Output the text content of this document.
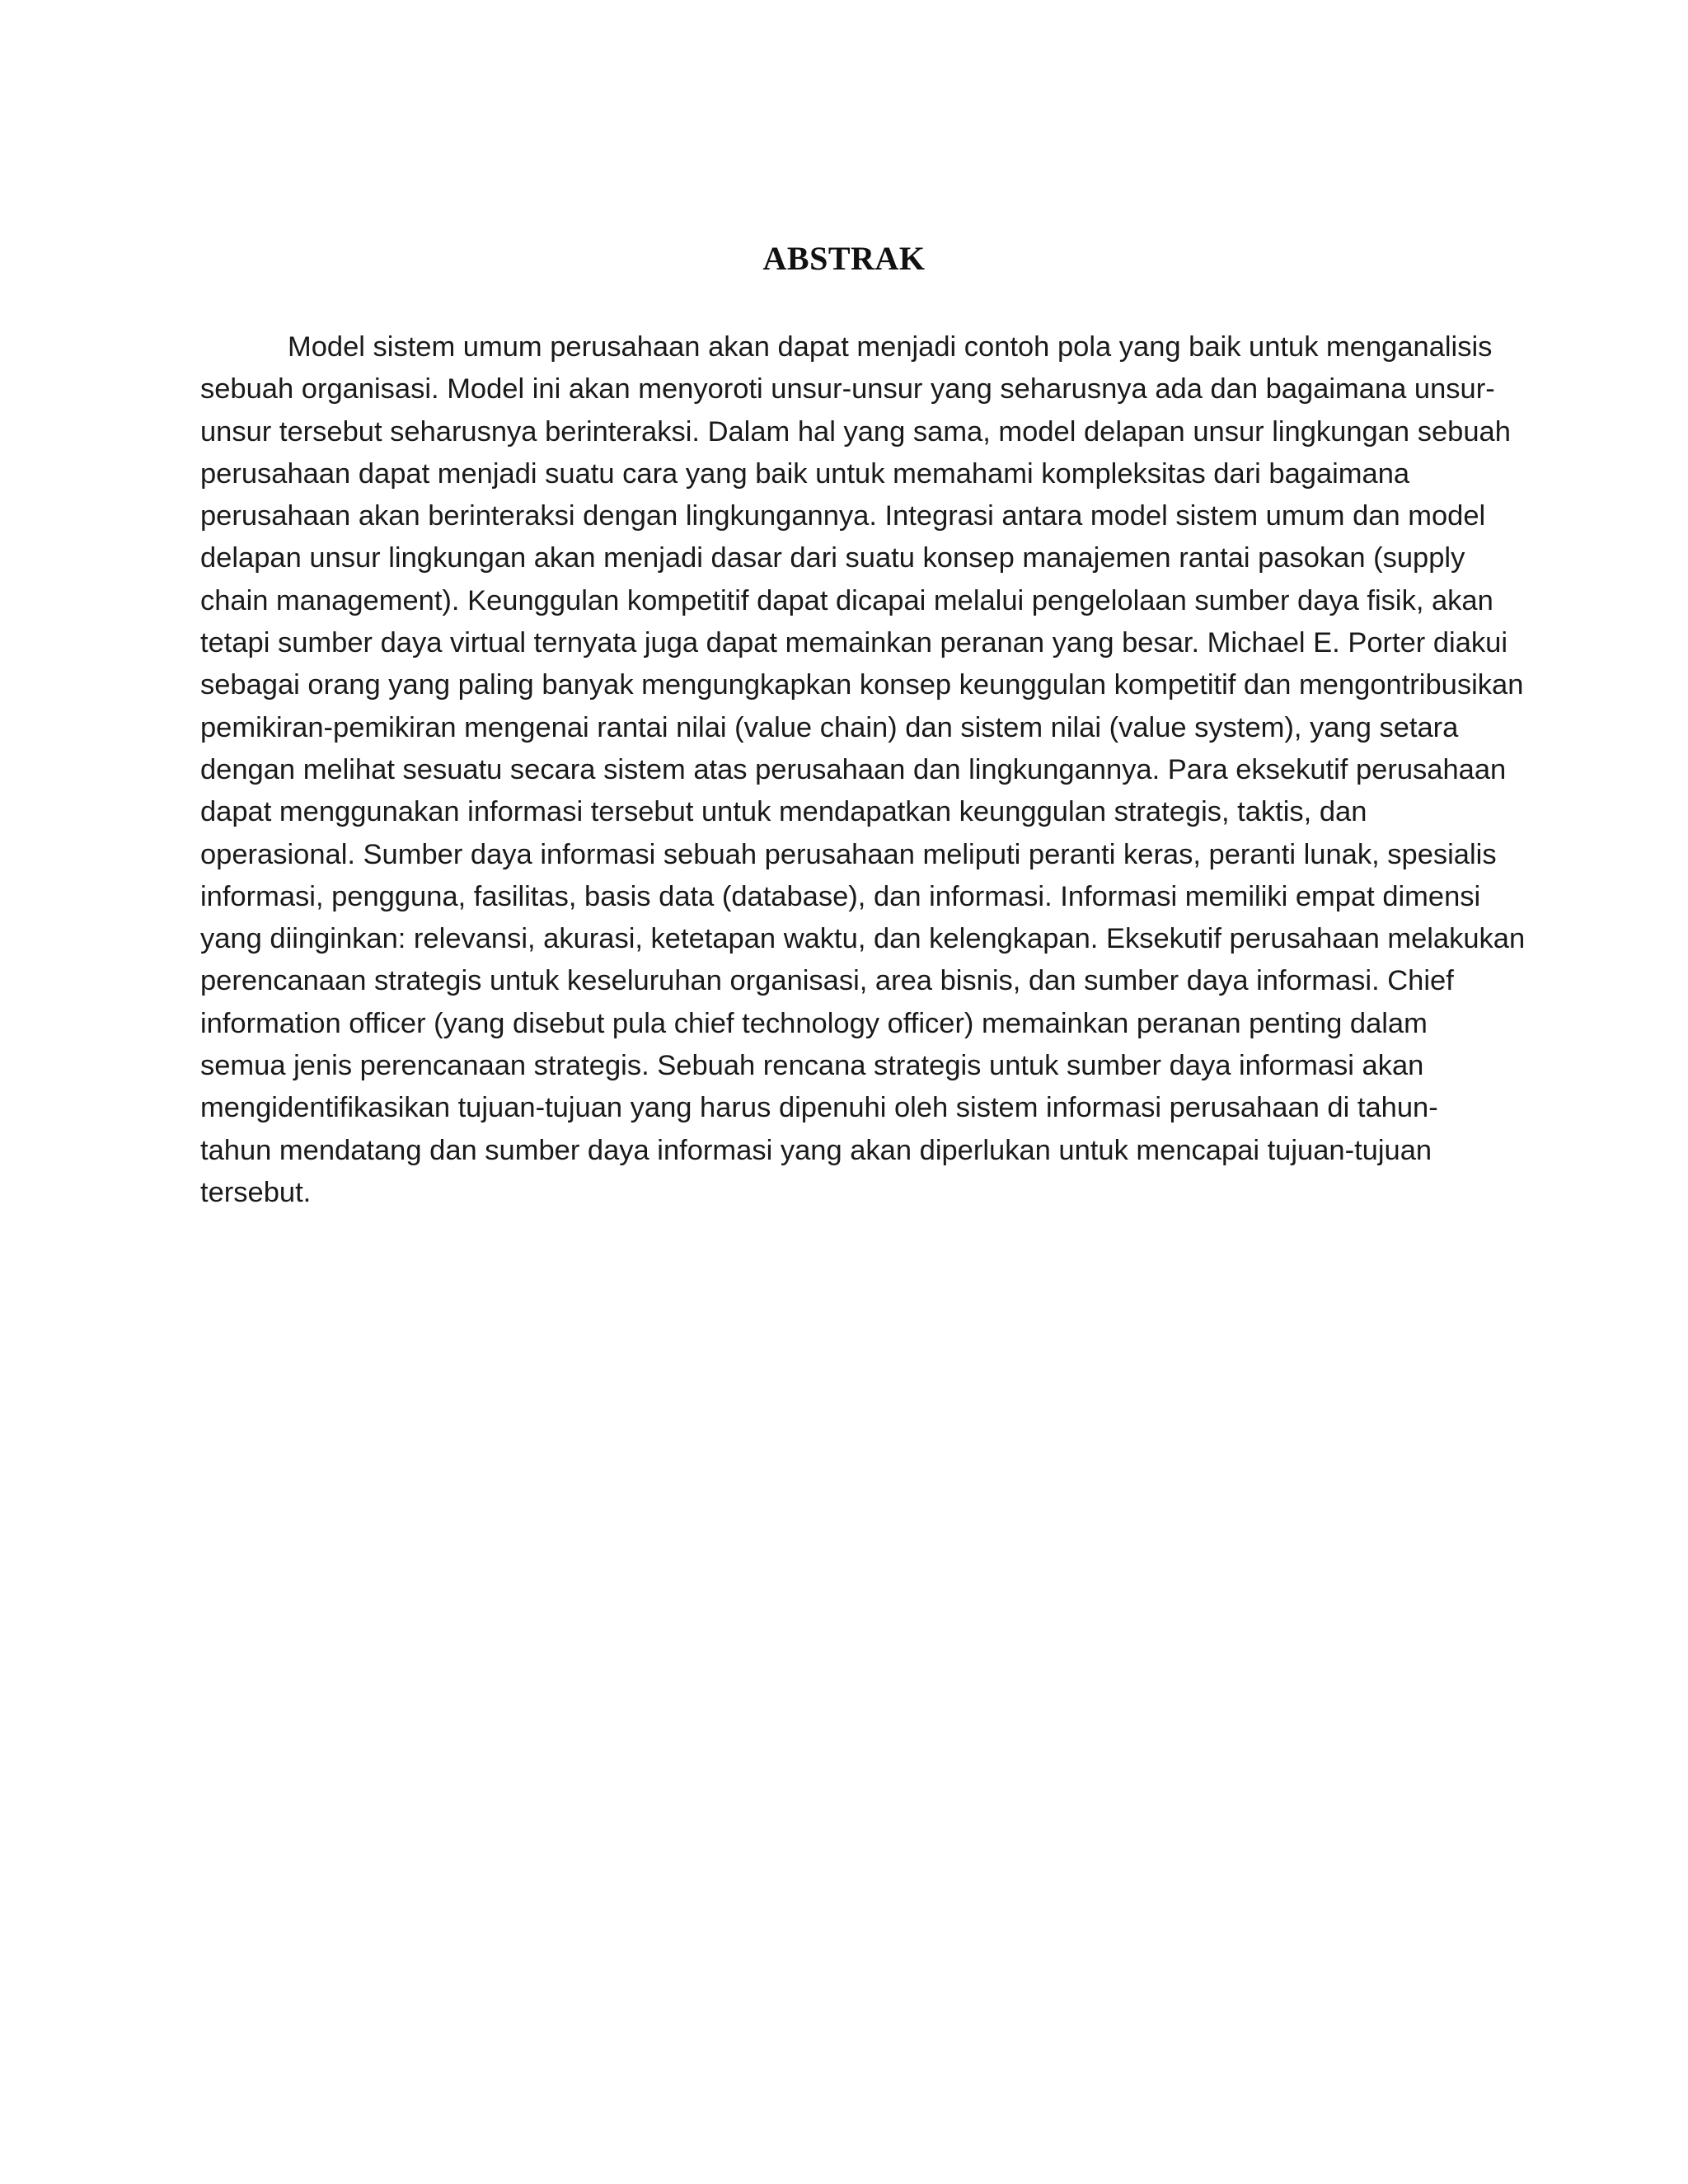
ABSTRAK
Model sistem umum perusahaan akan dapat menjadi contoh pola yang baik untuk menganalisis
sebuah organisasi. Model ini akan menyoroti unsur-unsur yang seharusnya ada dan bagaimana unsur-
unsur tersebut seharusnya berinteraksi. Dalam hal yang sama, model delapan unsur lingkungan sebuah
perusahaan dapat menjadi suatu cara yang baik untuk memahami kompleksitas dari bagaimana
perusahaan akan berinteraksi dengan lingkungannya. Integrasi antara model sistem umum dan model
delapan unsur lingkungan akan menjadi dasar dari suatu konsep manajemen rantai pasokan (supply
chain management). Keunggulan kompetitif dapat dicapai melalui pengelolaan sumber daya fisik, akan
tetapi sumber daya virtual ternyata juga dapat memainkan peranan yang besar. Michael E. Porter diakui
sebagai orang yang paling banyak mengungkapkan konsep keunggulan kompetitif dan mengontribusikan
pemikiran-pemikiran mengenai rantai nilai (value chain) dan sistem nilai (value system), yang setara
dengan melihat sesuatu secara sistem atas perusahaan dan lingkungannya. Para eksekutif perusahaan
dapat menggunakan informasi tersebut untuk mendapatkan keunggulan strategis, taktis, dan
operasional. Sumber daya informasi sebuah perusahaan meliputi peranti keras, peranti lunak, spesialis
informasi, pengguna, fasilitas, basis data (database), dan informasi. Informasi memiliki empat dimensi
yang diinginkan: relevansi, akurasi, ketetapan waktu, dan kelengkapan. Eksekutif perusahaan melakukan
perencanaan strategis untuk keseluruhan organisasi, area bisnis, dan sumber daya informasi. Chief
information officer (yang disebut pula chief technology officer) memainkan peranan penting dalam
semua jenis perencanaan strategis. Sebuah rencana strategis untuk sumber daya informasi akan
mengidentifikasikan tujuan-tujuan yang harus dipenuhi oleh sistem informasi perusahaan di tahun-
tahun mendatang dan sumber daya informasi yang akan diperlukan untuk mencapai tujuan-tujuan
tersebut.
